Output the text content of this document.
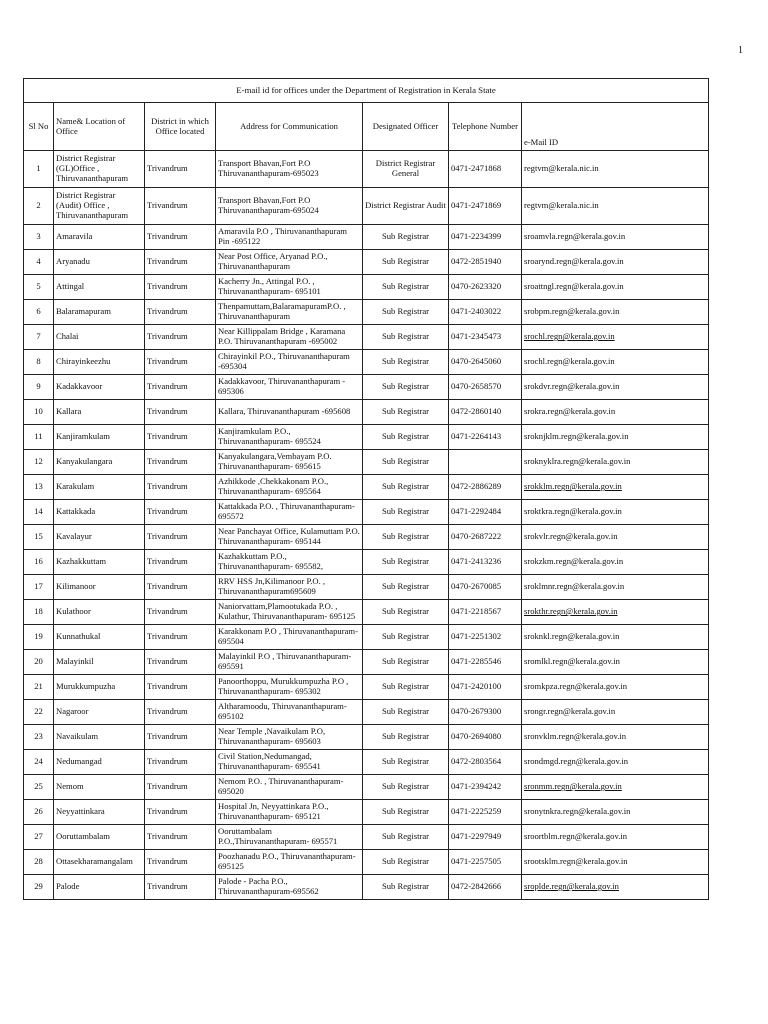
1
E-mail id for offices under the Department of Registration in Kerala State						
Sl No	Name& Location of Office	District in which Office located	Address for Communication	Designated Officer	Telephone Number	e-Mail ID
1	District Registrar (GL)Office , Thiruvananthapuram	Trivandrum	Transport Bhavan,Fort P.O Thiruvananthapuram-695023	District Registrar General	0471-2471868	regtvm@kerala.nic.in
2	District Registrar (Audit) Office , Thiruvananthapuram	Trivandrum	Transport Bhavan,Fort P.O Thiruvananthapuram-695024	District Registrar Audit	0471-2471869	regtvm@kerala.nic.in
3	Amaravila	Trivandrum	Amaravila P.O , Thiruvananthapuram Pin -695122	Sub Registrar	0471-2234399	sroamvla.regn@kerala.gov.in
4	Aryanadu	Trivandrum	Near Post Office, Aryanad P.O., Thiruvananthapuram	Sub Registrar	0472-2851940	sroarynd.regn@kerala.gov.in
5	Attingal	Trivandrum	Kacherry Jn., Attingal P.O. , Thiruvananthapuram- 695101	Sub Registrar	0470-2623320	sroattngl.regn@kerala.gov.in
6	Balaramapuram	Trivandrum	Thenpamuttam,BalaramapuramP.O. , Thiruvananthapuram	Sub Registrar	0471-2403022	srobpm.regn@kerala.gov.in
7	Chalai	Trivandrum	Near Killippalam Bridge , Karamana P.O. Thiruvananthapuram -695002	Sub Registrar	0471-2345473	srochl.regn@kerala.gov.in
8	Chirayinkeezhu	Trivandrum	Chirayinkil P.O., Thiruvananthapuram -695304	Sub Registrar	0470-2645060	srochl.regn@kerala.gov.in
9	Kadakkavoor	Trivandrum	Kadakkavoor, Thiruvananthapuram - 695306	Sub Registrar	0470-2658570	srokdvr.regn@kerala.gov.in
10	Kallara	Trivandrum	Kallara, Thiruvananthapuram -695608	Sub Registrar	0472-2860140	srokra.regn@kerala.gov.in
11	Kanjiramkulam	Trivandrum	Kanjiramkulam P.O., Thiruvananthapuram- 695524	Sub Registrar	0471-2264143	sroknjklm.regn@kerala.gov.in
12	Kanyakulangara	Trivandrum	Kanyakulangara,Vembayam P.O. Thiruvananthapuram- 695615	Sub Registrar		sroknyklra.regn@kerala.gov.in
13	Karakulam	Trivandrum	Azhikkode ,Chekkakonam P.O., Thiruvananthapuram- 695564	Sub Registrar	0472-2886289	srokklm.regn@kerala.gov.in
14	Kattakkada	Trivandrum	Kattakkada P.O. , Thiruvananthapuram- 695572	Sub Registrar	0471-2292484	sroktkra.regn@kerala.gov.in
15	Kavalayur	Trivandrum	Near Panchayat Office, Kulamuttam P.O. Thiruvananthapuram- 695144	Sub Registrar	0470-2687222	srokvlr.regn@kerala.gov.in
16	Kazhakkuttam	Trivandrum	Kazhakkuttam P.O., Thiruvananthapuram- 695582,	Sub Registrar	0471-2413236	srokzkm.regn@kerala.gov.in
17	Kilimanoor	Trivandrum	RRV HSS Jn,Kilimanoor P.O. , Thiruvananthapuram695609	Sub Registrar	0470-2670085	sroklmnr.regn@kerala.gov.in
18	Kulathoor	Trivandrum	Naniorvattam,Plamootukada P.O. , Kulathur, Thiruvananthapuram- 695125	Sub Registrar	0471-2218567	srokthr.regn@kerala.gov.in
19	Kunnathukal	Trivandrum	Karakkonam P.O , Thiruvananthapuram- 695504	Sub Registrar	0471-2251302	sroknkl.regn@kerala.gov.in
20	Malayinkil	Trivandrum	Malayinkil P.O , Thiruvananthapuram- 695591	Sub Registrar	0471-2285546	sromlkl.regn@kerala.gov.in
21	Murukkumpuzha	Trivandrum	Panoorthoppu, Murukkumpuzha P.O , Thiruvananthapuram- 695302	Sub Registrar	0471-2420100	sromkpza.regn@kerala.gov.in
22	Nagaroor	Trivandrum	Altharamoodu, Thiruvananthapuram- 695102	Sub Registrar	0470-2679300	srongr.regn@kerala.gov.in
23	Navaikulam	Trivandrum	Near Temple ,Navaikulam P.O, Thiruvananthapuram- 695603	Sub Registrar	0470-2694080	sronvklm.regn@kerala.gov.in
24	Nedumangad	Trivandrum	Civil Station,Nedumangad, Thiruvananthapuram- 695541	Sub Registrar	0472-2803564	srondmgd.regn@kerala.gov.in
25	Nemom	Trivandrum	Nemom P.O. , Thiruvananthapuram- 695020	Sub Registrar	0471-2394242	sronmm.regn@kerala.gov.in
26	Neyyattinkara	Trivandrum	Hospital Jn, Neyyattinkara P.O., Thiruvananthapuram- 695121	Sub Registrar	0471-2225259	sronytnkra.regn@kerala.gov.in
27	Ooruttambalam	Trivandrum	Ooruttambalam P.O.,Thiruvananthapuram- 695571	Sub Registrar	0471-2297949	sroortblm.regn@kerala.gov.in
28	Ottasekharamangalam	Trivandrum	Poozhanadu P.O., Thiruvananthapuram- 695125	Sub Registrar	0471-2257505	srootsklm.regn@kerala.gov.in
29	Palode	Trivandrum	Palode - Pacha P.O., Thiruvananthapuram-695562	Sub Registrar	0472-2842666	sroplde.regn@kerala.gov.in
